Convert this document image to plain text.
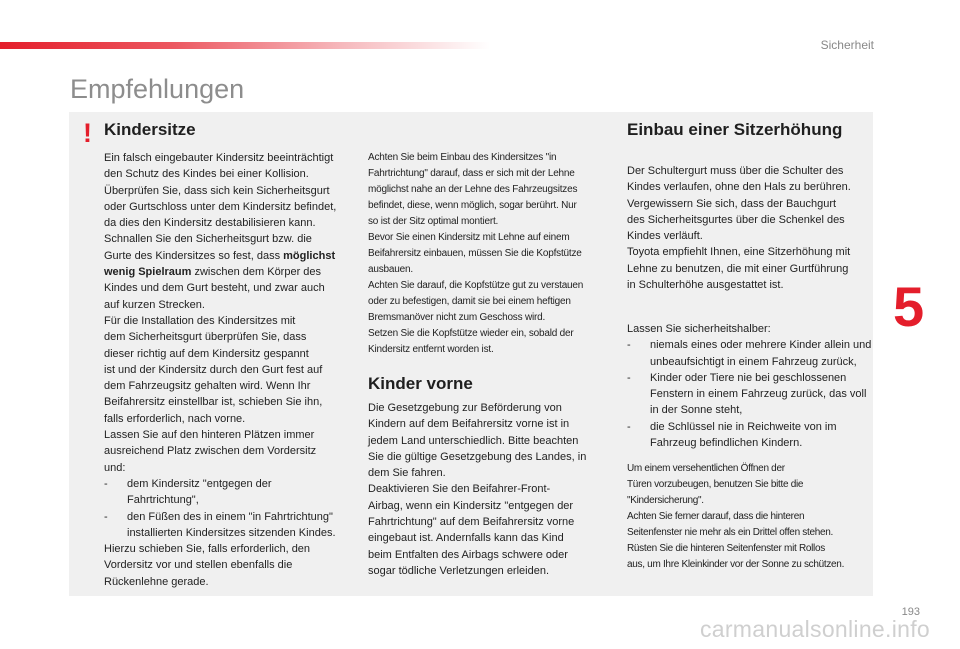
Sicherheit
Empfehlungen
5
! Kindersitze	Einbau einer Sitzerhöhung
Kinder vorne

Ein falsch eingebauter Kindersitz beeinträchtigt

den Schutz des Kindes bei einer Kollision.

Überprüfen Sie, dass sich kein Sicherheitsgurt

oder Gurtschloss unter dem Kindersitz befindet,

da dies den Kindersitz destabilisieren kann.

Schnallen Sie den Sicherheitsgurt bzw. die

Gurte des Kindersitzes so fest, dass möglichst

wenig Spielraum zwischen dem Körper des

Kindes und dem Gurt besteht, und zwar auch

auf kurzen Strecken.

Für die Installation des Kindersitzes mit

dem Sicherheitsgurt überprüfen Sie, dass

dieser richtig auf dem Kindersitz gespannt

ist und der Kindersitz durch den Gurt fest auf

dem Fahrzeugsitz gehalten wird. Wenn Ihr

Beifahrersitz einstellbar ist, schieben Sie ihn,

falls erforderlich, nach vorne.

Lassen Sie auf den hinteren Plätzen immer

ausreichend Platz zwischen dem Vordersitz

und:

-	dem Kindersitz "entgegen der Fahrtrichtung",
-	den Füßen des in einem "in Fahrtrichtung" installierten Kindersitzes sitzenden Kindes.

Hierzu schieben Sie, falls erforderlich, den

Vordersitz vor und stellen ebenfalls die

Rückenlehne gerade.

Achten Sie beim Einbau des Kindersitzes "in

Fahrtrichtung" darauf, dass er sich mit der Lehne

möglichst nahe an der Lehne des Fahrzeugsitzes

befindet, diese, wenn möglich, sogar berührt. Nur

so ist der Sitz optimal montiert.

Bevor Sie einen Kindersitz mit Lehne auf einem

Beifahrersitz einbauen, müssen Sie die Kopfstütze

ausbauen.

Achten Sie darauf, die Kopfstütze gut zu verstauen

oder zu befestigen, damit sie bei einem heftigen

Bremsmanöver nicht zum Geschoss wird.

Setzen Sie die Kopfstütze wieder ein, sobald der

Kindersitz entfernt worden ist.

Die Gesetzgebung zur Beförderung von

Kindern auf dem Beifahrersitz vorne ist in

jedem Land unterschiedlich. Bitte beachten

Sie die gültige Gesetzgebung des Landes, in

dem Sie fahren.

Deaktivieren Sie den Beifahrer-Front-

Airbag, wenn ein Kindersitz "entgegen der

Fahrtrichtung" auf dem Beifahrersitz vorne

eingebaut ist. Andernfalls kann das Kind

beim Entfalten des Airbags schwere oder

sogar tödliche Verletzungen erleiden.

Der Schultergurt muss über die Schulter des

Kindes verlaufen, ohne den Hals zu berühren.

Vergewissern Sie sich, dass der Bauchgurt

des Sicherheitsgurtes über die Schenkel des

Kindes verläuft.

Toyota empfiehlt Ihnen, eine Sitzerhöhung mit

Lehne zu benutzen, die mit einer Gurtführung

in Schulterhöhe ausgestattet ist.

Lassen Sie sicherheitshalber:

-	niemals eines oder mehrere Kinder allein und unbeaufsichtigt in einem Fahrzeug zurück,
-	Kinder oder Tiere nie bei geschlossenen Fenstern in einem Fahrzeug zurück, das voll in der Sonne steht,
-	die Schlüssel nie in Reichweite von im Fahrzeug befindlichen Kindern.

Um einem versehentlichen Öffnen der

Türen vorzubeugen, benutzen Sie bitte die

"Kindersicherung".

Achten Sie ferner darauf, dass die hinteren

Seitenfenster nie mehr als ein Drittel offen stehen.

Rüsten Sie die hinteren Seitenfenster mit Rollos

aus, um Ihre Kleinkinder vor der Sonne zu schützen.

193
carmanualsonline.info
